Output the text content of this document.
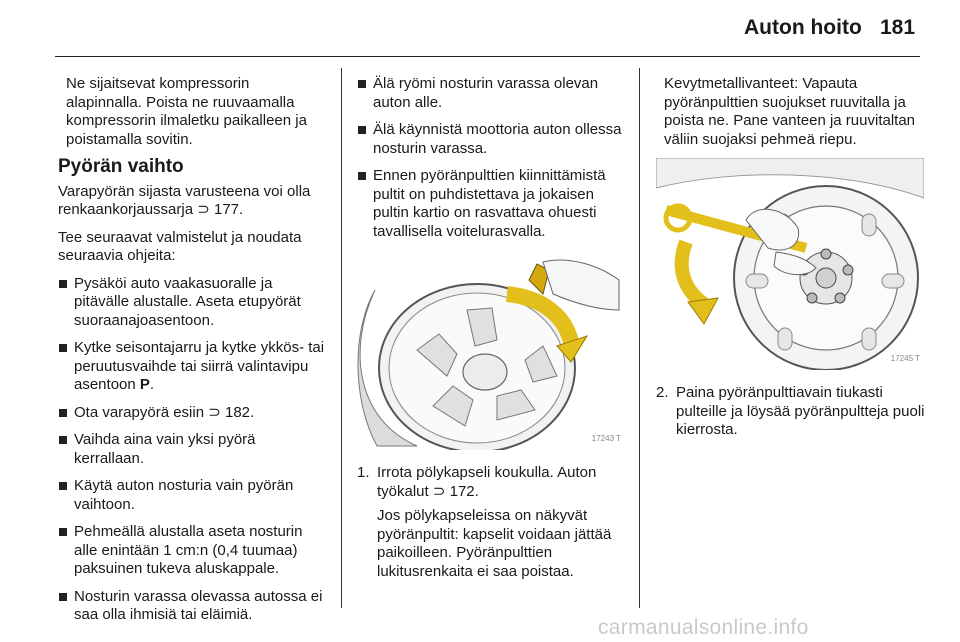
Auton hoito 181

Ne sijaitsevat kompressorin alapinnalla. Poista ne ruuvaamalla kompressorin ilmaletku paikalleen ja poistamalla sovitin.

Pyörän vaihto

Varapyörän sijasta varusteena voi olla renkaankorjaussarja ⊃ 177.

Tee seuraavat valmistelut ja noudata seuraavia ohjeita:

Pysäköi auto vaakasuoralle ja pitävälle alustalle. Aseta etupyörät suoraanajoasentoon.
Kytke seisontajarru ja kytke ykkös- tai peruutusvaihde tai siirrä valintavipu asentoon P.
Ota varapyörä esiin ⊃ 182.
Vaihda aina vain yksi pyörä kerrallaan.
Käytä auton nosturia vain pyörän vaihtoon.
Pehmeällä alustalla aseta nosturin alle enintään 1 cm:n (0,4 tuumaa) paksuinen tukeva aluskappale.
Nosturin varassa olevassa autossa ei saa olla ihmisiä tai eläimiä.
Älä ryömi nosturin varassa olevan auton alle.
Älä käynnistä moottoria auton ollessa nosturin varassa.
Ennen pyöränpulttien kiinnittämistä pultit on puhdistettava ja jokaisen pultin kartio on rasvattava ohuesti tavallisella voitelurasvalla.
17243 T
1. Irrota pölykapseli koukulla. Auton työkalut ⊃ 172.
Jos pölykapseleissa on näkyvät pyöränpultit: kapselit voidaan jättää paikoilleen. Pyöränpulttien lukitusrenkaita ei saa poistaa.

Kevytmetallivanteet: Vapauta pyöränpulttien suojukset ruuvitalla ja poista ne. Pane vanteen ja ruuvitaltan väliin suojaksi pehmeä riepu.

17245 T
2. Paina pyöränpulttiavain tiukasti pulteille ja löysää pyöränpultteja puoli kierrosta.
carmanualsonline.info
